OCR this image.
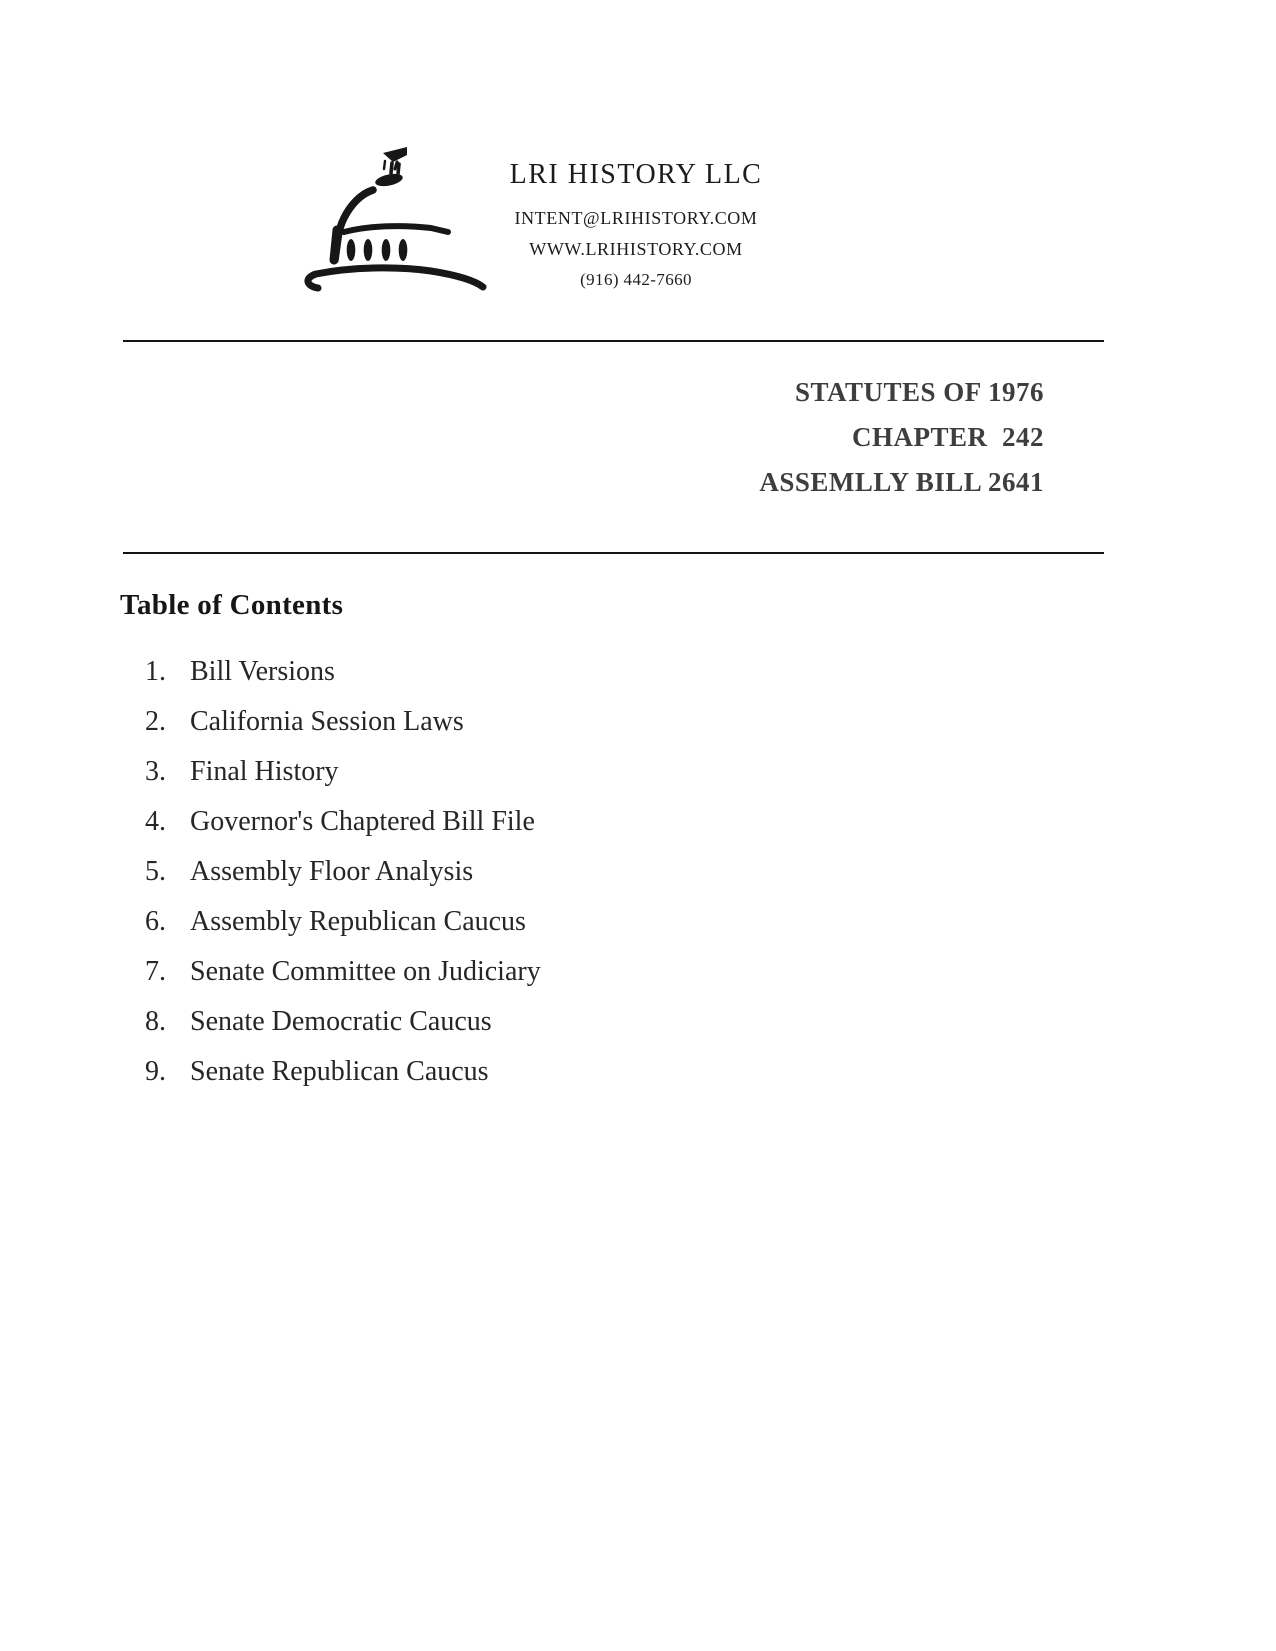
LRI HISTORY LLC
INTENT@LRIHISTORY.COM
WWW.LRIHISTORY.COM
(916) 442-7660
STATUTES OF 1976
CHAPTER  242
ASSEMLLY BILL 2641
Table of Contents
1. Bill Versions
2. California Session Laws
3. Final History
4. Governor's Chaptered Bill File
5. Assembly Floor Analysis
6. Assembly Republican Caucus
7. Senate Committee on Judiciary
8. Senate Democratic Caucus
9. Senate Republican Caucus
